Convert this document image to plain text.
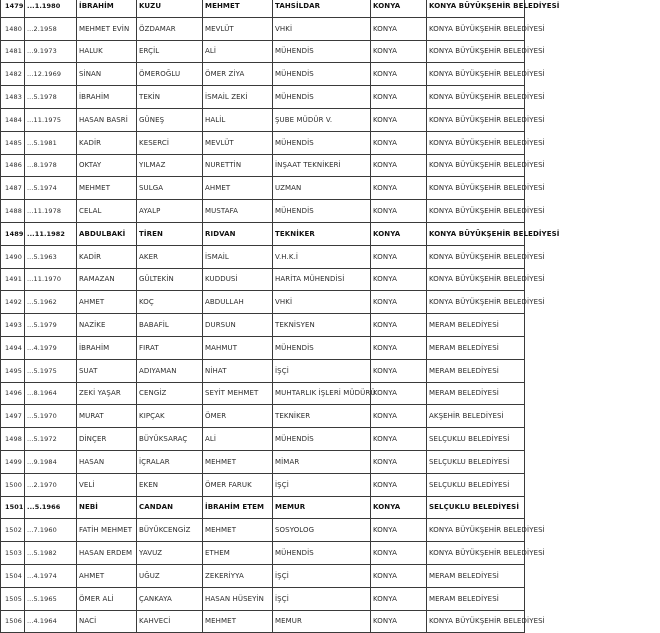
1479	...1.1980	İBRAHİM	KUZU	MEHMET	TAHSİLDAR	KONYA	KONYA BÜYÜKŞEHİR BELEDİYESİ
1480	...2.1958	MEHMET EVİN	ÖZDAMAR	MEVLÜT	VHKİ	KONYA	KONYA BÜYÜKŞEHİR BELEDİYESİ
1481	...9.1973	HALUK	ERÇİL	ALİ	MÜHENDİS	KONYA	KONYA BÜYÜKŞEHİR BELEDİYESİ
1482	...12.1969	SİNAN	ÖMEROĞLU	ÖMER ZİYA	MÜHENDİS	KONYA	KONYA BÜYÜKŞEHİR BELEDİYESİ
1483	...5.1978	İBRAHİM	TEKİN	İSMAİL ZEKİ	MÜHENDİS	KONYA	KONYA BÜYÜKŞEHİR BELEDİYESİ
1484	...11.1975	HASAN BASRİ	GÜNEŞ	HALİL	ŞUBE MÜDÜR V.	KONYA	KONYA BÜYÜKŞEHİR BELEDİYESİ
1485	...5.1981	KADİR	KESERCİ	MEVLÜT	MÜHENDİS	KONYA	KONYA BÜYÜKŞEHİR BELEDİYESİ
1486	...8.1978	OKTAY	YILMAZ	NURETTİN	İNŞAAT TEKNİKERİ	KONYA	KONYA BÜYÜKŞEHİR BELEDİYESİ
1487	...5.1974	MEHMET	SULGA	AHMET	UZMAN	KONYA	KONYA BÜYÜKŞEHİR BELEDİYESİ
1488	...11.1978	CELAL	AYALP	MUSTAFA	MÜHENDİS	KONYA	KONYA BÜYÜKŞEHİR BELEDİYESİ
1489	...11.1982	ABDULBAKİ	TİREN	RIDVAN	TEKNİKER	KONYA	KONYA BÜYÜKŞEHİR BELEDİYESİ
1490	...5.1963	KADİR	AKER	İSMAİL	V.H.K.İ	KONYA	KONYA BÜYÜKŞEHİR BELEDİYESİ
1491	...11.1970	RAMAZAN	GÜLTEKİN	KUDDUSİ	HARİTA MÜHENDİSİ	KONYA	KONYA BÜYÜKŞEHİR BELEDİYESİ
1492	...5.1962	AHMET	KOÇ	ABDULLAH	VHKİ	KONYA	KONYA BÜYÜKŞEHİR BELEDİYESİ
1493	...5.1979	NAZİKE	BABAFİL	DURSUN	TEKNİSYEN	KONYA	MERAM BELEDİYESİ
1494	...4.1979	İBRAHİM	FIRAT	MAHMUT	MÜHENDİS	KONYA	MERAM BELEDİYESİ
1495	...5.1975	SUAT	ADIYAMAN	NİHAT	İŞÇİ	KONYA	MERAM BELEDİYESİ
1496	...8.1964	ZEKİ YAŞAR	CENGİZ	SEYİT MEHMET	MUHTARLIK İŞLERİ MÜDÜRÜ	KONYA	MERAM BELEDİYESİ
1497	...5.1970	MURAT	KIPÇAK	ÖMER	TEKNİKER	KONYA	AKŞEHİR BELEDİYESİ
1498	...5.1972	DİNÇER	BÜYÜKSARAÇ	ALİ	MÜHENDİS	KONYA	SELÇUKLU BELEDİYESİ
1499	...9.1984	HASAN	İÇRALAR	MEHMET	MİMAR	KONYA	SELÇUKLU BELEDİYESİ
1500	...2.1970	VELİ	EKEN	ÖMER FARUK	İŞÇİ	KONYA	SELÇUKLU BELEDİYESİ
1501	...5.1966	NEBİ	CANDAN	İBRAHİM ETEM	MEMUR	KONYA	SELÇUKLU BELEDİYESİ
1502	...7.1960	FATİH MEHMET	BÜYÜKCENGİZ	MEHMET	SOSYOLOG	KONYA	KONYA BÜYÜKŞEHİR BELEDİYESİ
1503	...5.1982	HASAN ERDEM	YAVUZ	ETHEM	MÜHENDİS	KONYA	KONYA BÜYÜKŞEHİR BELEDİYESİ
1504	...4.1974	AHMET	UĞUZ	ZEKERİYYA	İŞÇİ	KONYA	MERAM BELEDİYESİ
1505	...5.1965	ÖMER ALİ	ÇANKAYA	HASAN HÜSEYİN	İŞÇİ	KONYA	MERAM BELEDİYESİ
1506	...4.1964	NACİ	KAHVECİ	MEHMET	MEMUR	KONYA	KONYA BÜYÜKŞEHİR BELEDİYESİ
